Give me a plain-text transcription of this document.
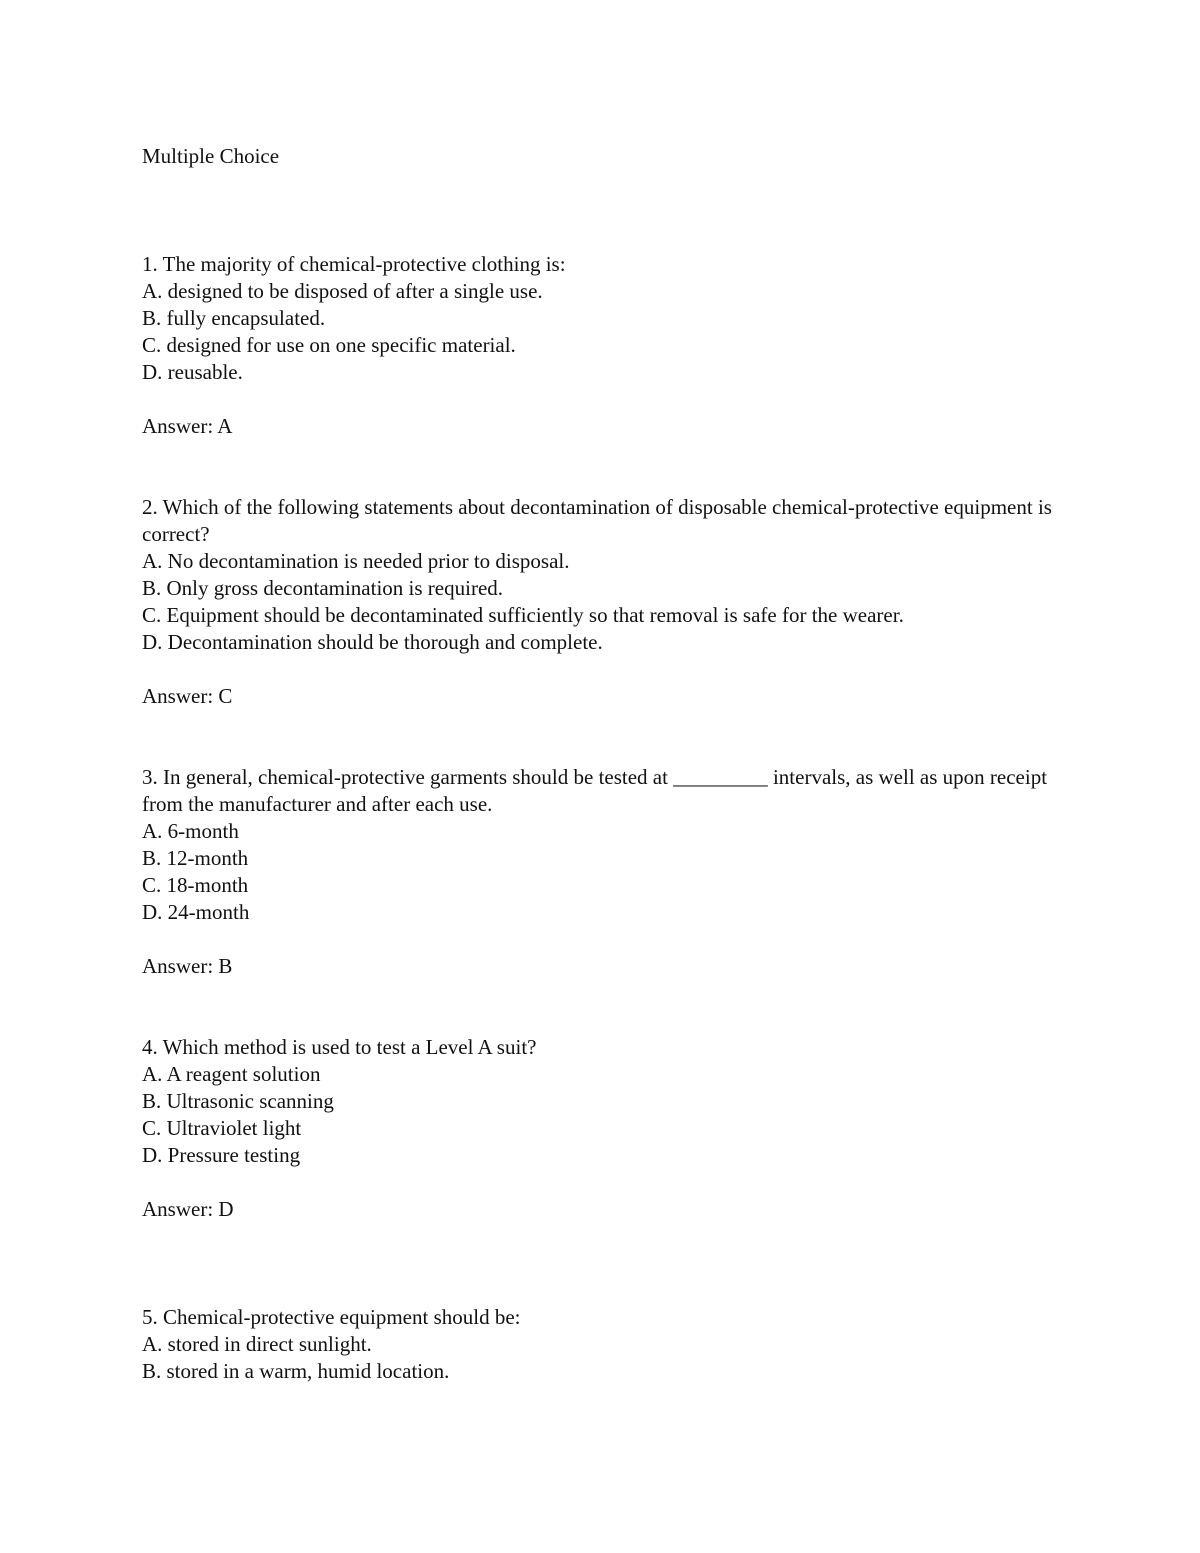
Multiple Choice

1. The majority of chemical-protective clothing is:

A. designed to be disposed of after a single use.

B. fully encapsulated.

C. designed for use on one specific material.

D. reusable.

Answer: A

2. Which of the following statements about decontamination of disposable chemical-protective equipment is correct?

A. No decontamination is needed prior to disposal.

B. Only gross decontamination is required.

C. Equipment should be decontaminated sufficiently so that removal is safe for the wearer.

D. Decontamination should be thorough and complete.

Answer: C

3. In general, chemical-protective garments should be tested at _________ intervals, as well as upon receipt from the manufacturer and after each use.

A. 6-month

B. 12-month

C. 18-month

D. 24-month

Answer: B

4. Which method is used to test a Level A suit?

A. A reagent solution

B. Ultrasonic scanning

C. Ultraviolet light

D. Pressure testing

Answer: D

5. Chemical-protective equipment should be:

A. stored in direct sunlight.

B. stored in a warm, humid location.
